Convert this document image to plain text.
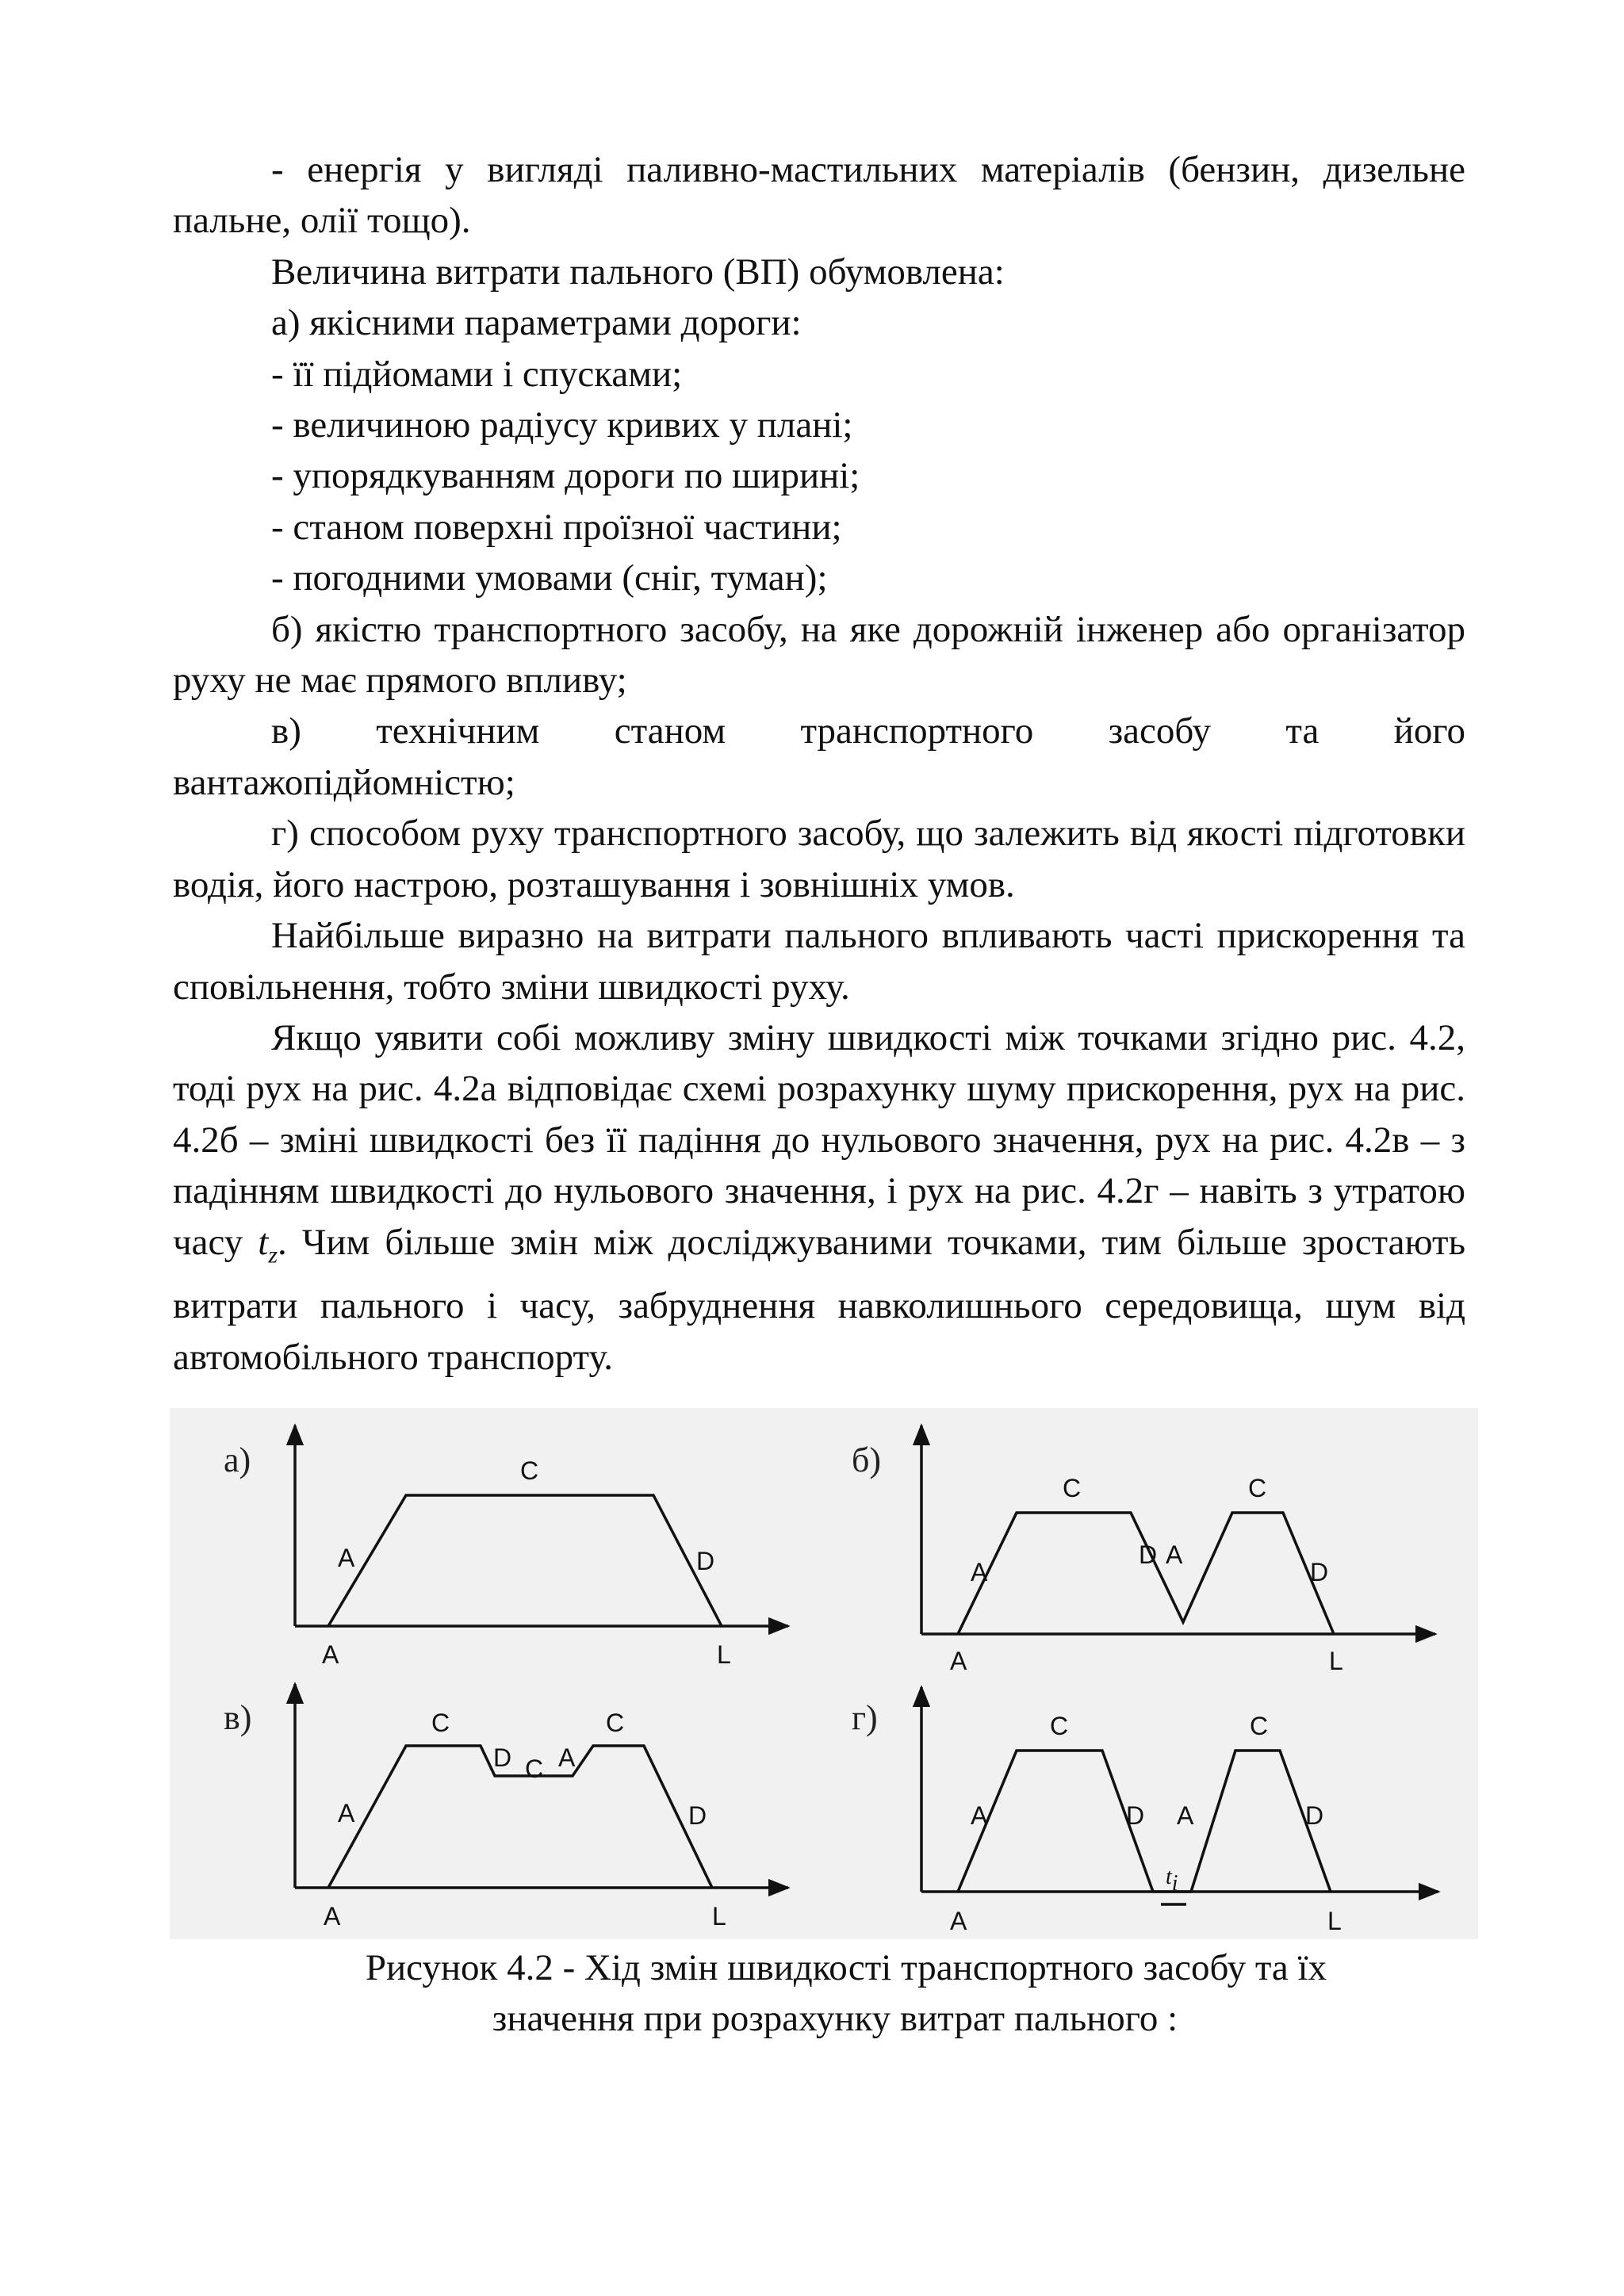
- енергія у вигляді паливно-мастильних матеріалів (бензин, дизельне пальне, олії тощо).

Величина витрати пального (ВП) обумовлена:

а) якісними параметрами дороги:

- її підйомами і спусками;

- величиною радіусу кривих у плані;

- упорядкуванням дороги по ширині;

- станом поверхні проїзної частини;

- погодними умовами (сніг, туман);

б) якістю транспортного засобу, на яке дорожній інженер або організатор руху не має прямого впливу;

в) технічним станом транспортного засобу та його

вантажопідйомністю;

г) способом руху транспортного засобу, що залежить від якості підготовки водія, його настрою, розташування і зовнішніх умов.

Найбільше виразно на витрати пального впливають часті прискорення та сповільнення, тобто зміни швидкості руху.

Якщо уявити собі можливу зміну швидкості між точками згідно рис. 4.2, тоді рух на рис. 4.2а відповідає схемі розрахунку шуму прискорення, рух на рис. 4.2б – зміні швидкості без її падіння до нульового значення, рух на рис. 4.2в – з падінням швидкості до нульового значення, і рух на рис. 4.2г – навіть з утратою часу $t_z$. Чим більше змін між досліджуваними точками, тим більше зростають витрати пального і часу, забруднення навколишнього середовища, шум від автомобільного транспорту.

а)	б)
в)	г)
A
C
D
A	L
A
C
D A
C
D
A	L
A
C
D C A
C
D
A	L
A
C
D A
C
D
ti
A	L

Рисунок 4.2 - Хід змін швидкості транспортного засобу та їх

значення при розрахунку витрат пального :
